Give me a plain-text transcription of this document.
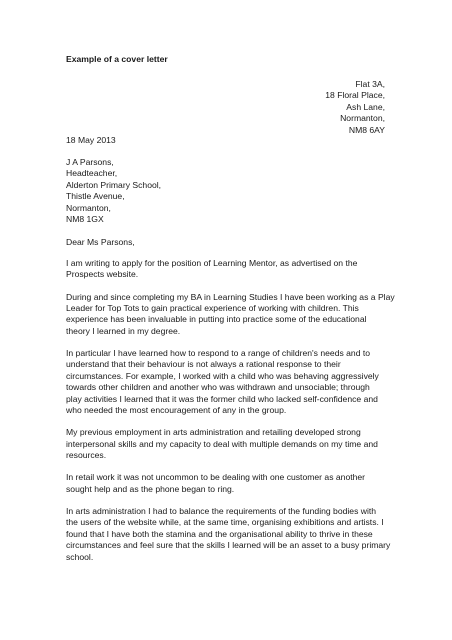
Example of a cover letter
Flat 3A,
18 Floral Place,
Ash Lane,
Normanton,
NM8 6AY
18 May 2013
J A Parsons,
Headteacher,
Alderton Primary School,
Thistle Avenue,
Normanton,
NM8 1GX
Dear Ms Parsons,

I am writing to apply for the position of Learning Mentor, as advertised on the
Prospects website.

During and since completing my BA in Learning Studies I have been working as a Play
Leader for Top Tots to gain practical experience of working with children. This
experience has been invaluable in putting into practice some of the educational
theory I learned in my degree.

In particular I have learned how to respond to a range of children's needs and to
understand that their behaviour is not always a rational response to their
circumstances. For example, I worked with a child who was behaving aggressively
towards other children and another who was withdrawn and unsociable; through
play activities I learned that it was the former child who lacked self-confidence and
who needed the most encouragement of any in the group.

My previous employment in arts administration and retailing developed strong
interpersonal skills and my capacity to deal with multiple demands on my time and
resources.

In retail work it was not uncommon to be dealing with one customer as another
sought help and as the phone began to ring.

In arts administration I had to balance the requirements of the funding bodies with
the users of the website while, at the same time, organising exhibitions and artists. I
found that I have both the stamina and the organisational ability to thrive in these
circumstances and feel sure that the skills I learned will be an asset to a busy primary
school.
